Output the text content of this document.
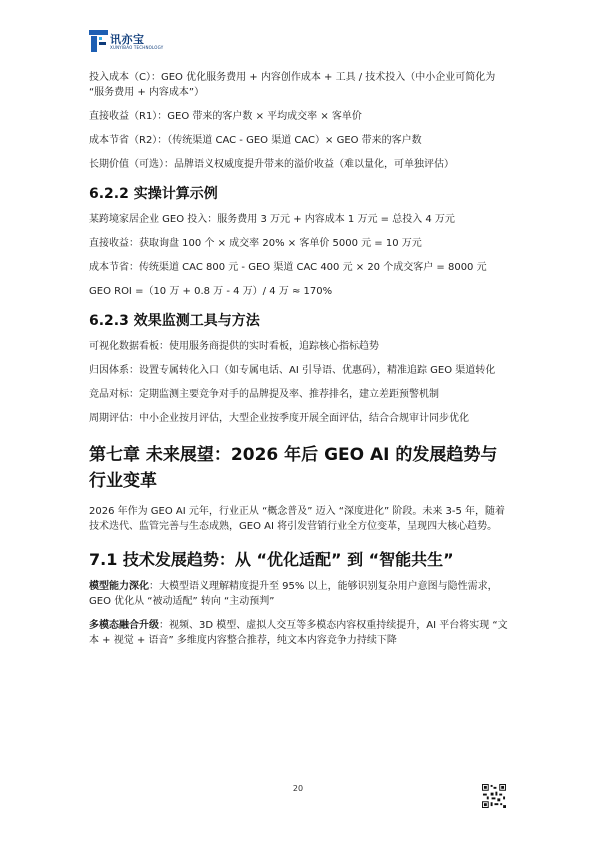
讯亦宝
XUNYIBAO TECHNOLOGY

投入成本（C）：GEO 优化服务费用 + 内容创作成本 + 工具 / 技术投入（中小企业可简化为 “服务费用 + 内容成本”）

直接收益（R1）：GEO 带来的客户数 × 平均成交率 × 客单价

成本节省（R2）：（传统渠道 CAC - GEO 渠道 CAC）× GEO 带来的客户数

长期价值（可选）：品牌语义权威度提升带来的溢价收益（难以量化，可单独评估）

6.2.2 实操计算示例

某跨境家居企业 GEO 投入：服务费用 3 万元 + 内容成本 1 万元 = 总投入 4 万元

直接收益：获取询盘 100 个 × 成交率 20% × 客单价 5000 元 = 10 万元

成本节省：传统渠道 CAC 800 元 - GEO 渠道 CAC 400 元 × 20 个成交客户 = 8000 元

GEO ROI =（10 万 + 0.8 万 - 4 万）/ 4 万 ≈ 170%

6.2.3 效果监测工具与方法

可视化数据看板：使用服务商提供的实时看板，追踪核心指标趋势

归因体系：设置专属转化入口（如专属电话、AI 引导语、优惠码），精准追踪 GEO 渠道转化

竞品对标：定期监测主要竞争对手的品牌提及率、推荐排名，建立差距预警机制

周期评估：中小企业按月评估，大型企业按季度开展全面评估，结合合规审计同步优化

第七章 未来展望：2026 年后 GEO AI 的发展趋势与行业变革

2026 年作为 GEO AI 元年，行业正从 “概念普及” 迈入 “深度进化” 阶段。未来 3-5 年，随着技术迭代、监管完善与生态成熟，GEO AI 将引发营销行业全方位变革，呈现四大核心趋势。

7.1 技术发展趋势：从 “优化适配” 到 “智能共生”

模型能力深化：大模型语义理解精度提升至 95% 以上，能够识别复杂用户意图与隐性需求，GEO 优化从 “被动适配” 转向 “主动预判”

多模态融合升级：视频、3D 模型、虚拟人交互等多模态内容权重持续提升，AI 平台将实现 “文本 + 视觉 + 语音” 多维度内容整合推荐，纯文本内容竞争力持续下降

20
